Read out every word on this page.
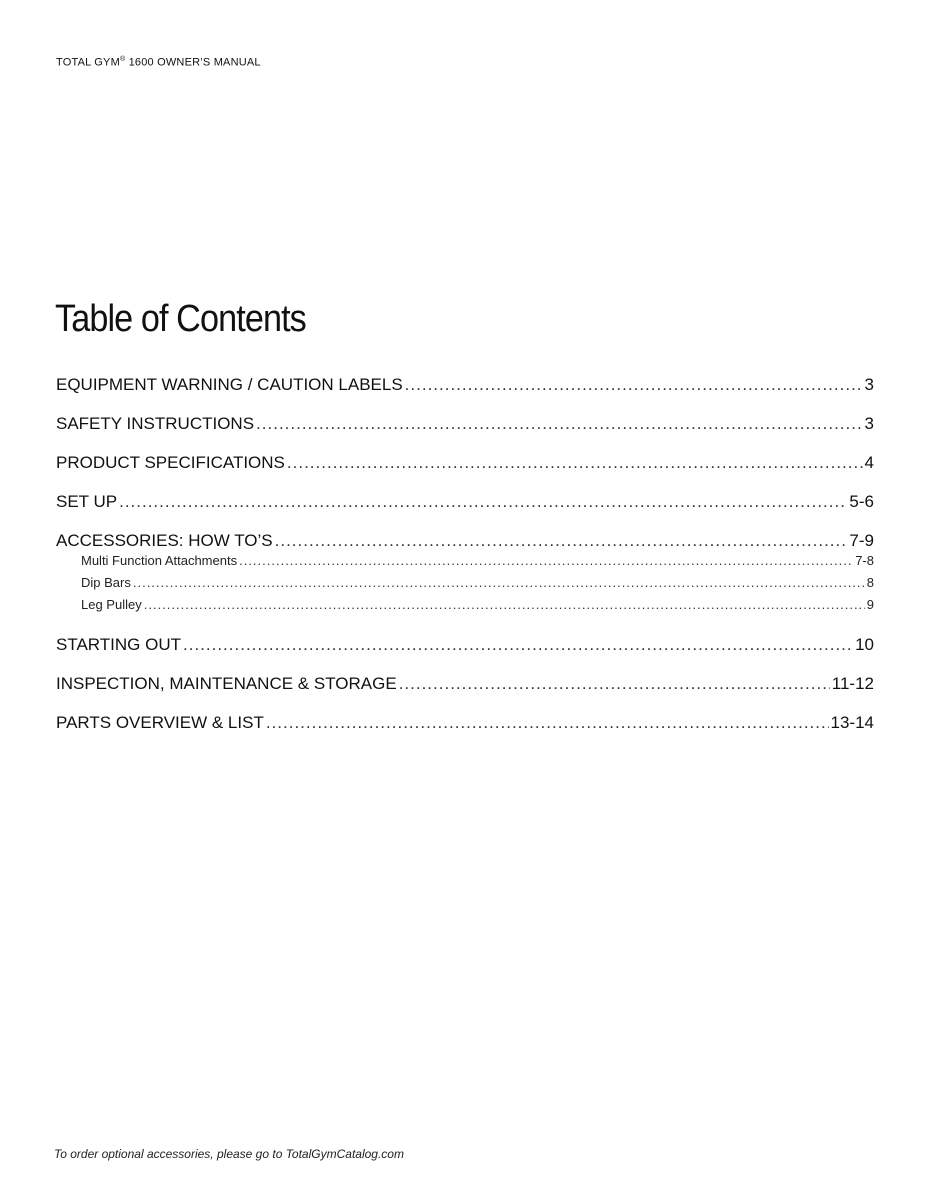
TOTAL GYM® 1600 OWNER’S MANUAL
Table of Contents
EQUIPMENT WARNING / CAUTION LABELS .....	3
SAFETY INSTRUCTIONS .....	3
PRODUCT SPECIFICATIONS .....	4
SET UP .....	5-6
ACCESSORIES: HOW TO’S .....	7-9
Multi Function Attachments .....	7-8
Dip Bars .....	8
Leg Pulley .....	9
STARTING OUT .....	10
INSPECTION, MAINTENANCE & STORAGE .....	11-12
PARTS OVERVIEW & LIST .....	13-14
To order optional accessories, please go to TotalGymCatalog.com
